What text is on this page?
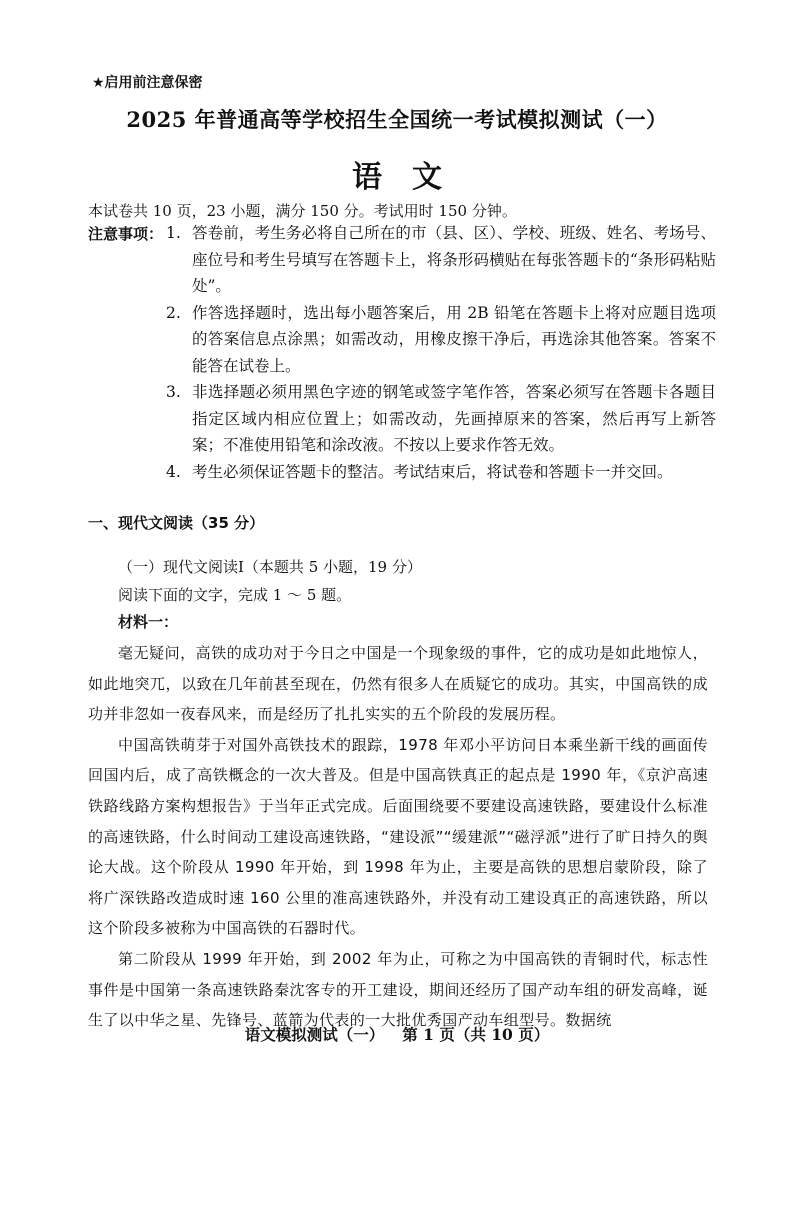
★启用前注意保密
2025 年普通高等学校招生全国统一考试模拟测试（一）
语　文
本试卷共 10 页，23 小题，满分 150 分。考试用时 150 分钟。
注意事项： 1. 答卷前，考生务必将自己所在的市（县、区）、学校、班级、姓名、考场号、座位号和考生号填写在答题卡上，将条形码横贴在每张答题卡的“条形码粘贴处”。
2. 作答选择题时，选出每小题答案后，用 2B 铅笔在答题卡上将对应题目选项的答案信息点涂黑；如需改动，用橡皮擦干净后，再选涂其他答案。答案不能答在试卷上。
3. 非选择题必须用黑色字迹的钢笔或签字笔作答，答案必须写在答题卡各题目指定区域内相应位置上；如需改动，先画掉原来的答案，然后再写上新答案；不准使用铅笔和涂改液。不按以上要求作答无效。
4. 考生必须保证答题卡的整洁。考试结束后，将试卷和答题卡一并交回。
一、现代文阅读（35 分）
（一）现代文阅读Ⅰ（本题共 5 小题，19 分）
阅读下面的文字，完成 1 ～ 5 题。
材料一：

毫无疑问，高铁的成功对于今日之中国是一个现象级的事件，它的成功是如此地惊人，如此地突兀，以致在几年前甚至现在，仍然有很多人在质疑它的成功。其实，中国高铁的成功并非忽如一夜春风来，而是经历了扎扎实实的五个阶段的发展历程。

中国高铁萌芽于对国外高铁技术的跟踪，1978 年邓小平访问日本乘坐新干线的画面传回国内后，成了高铁概念的一次大普及。但是中国高铁真正的起点是 1990 年，《京沪高速铁路线路方案构想报告》于当年正式完成。后面围绕要不要建设高速铁路，要建设什么标准的高速铁路，什么时间动工建设高速铁路，“建设派”“缓建派”“磁浮派”进行了旷日持久的舆论大战。这个阶段从 1990 年开始，到 1998 年为止，主要是高铁的思想启蒙阶段，除了将广深铁路改造成时速 160 公里的准高速铁路外，并没有动工建设真正的高速铁路，所以这个阶段多被称为中国高铁的石器时代。

第二阶段从 1999 年开始，到 2002 年为止，可称之为中国高铁的青铜时代，标志性事件是中国第一条高速铁路秦沈客专的开工建设，期间还经历了国产动车组的研发高峰，诞生了以中华之星、先锋号、蓝箭为代表的一大批优秀国产动车组型号。数据统

语文模拟测试（一） 第 1 页（共 10 页）
